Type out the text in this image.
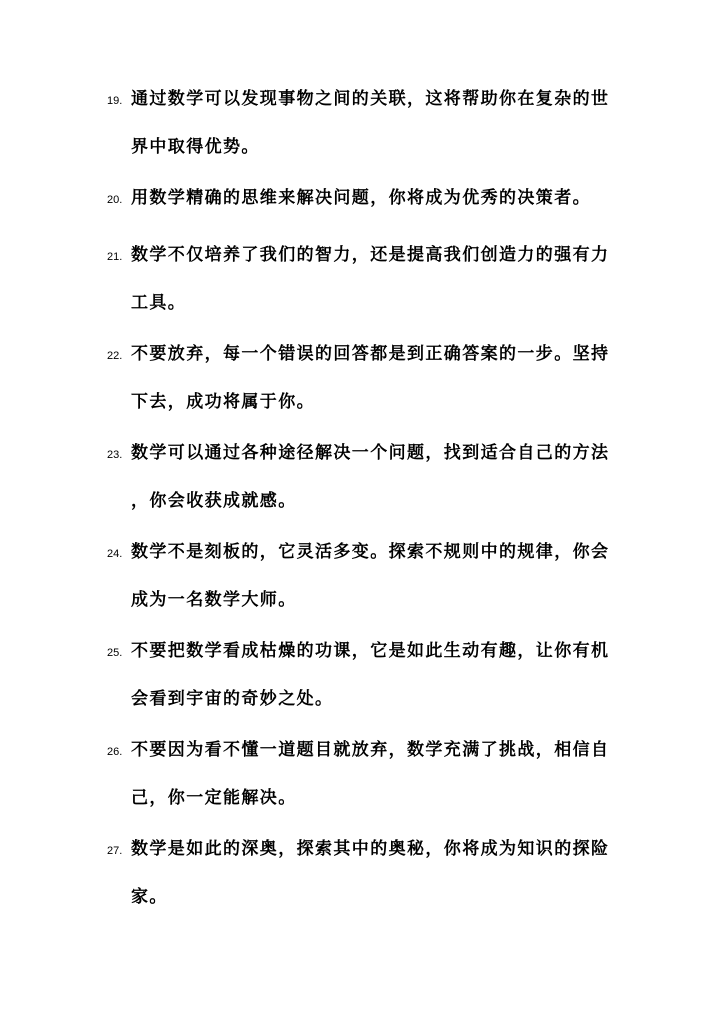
19. 通过数学可以发现事物之间的关联，这将帮助你在复杂的世
界中取得优势。
20. 用数学精确的思维来解决问题，你将成为优秀的决策者。
21. 数学不仅培养了我们的智力，还是提高我们创造力的强有力
工具。
22. 不要放弃，每一个错误的回答都是到正确答案的一步。坚持
下去，成功将属于你。
23. 数学可以通过各种途径解决一个问题，找到适合自己的方法
，你会收获成就感。
24. 数学不是刻板的，它灵活多变。探索不规则中的规律，你会
成为一名数学大师。
25. 不要把数学看成枯燥的功课，它是如此生动有趣，让你有机
会看到宇宙的奇妙之处。
26. 不要因为看不懂一道题目就放弃，数学充满了挑战，相信自
己，你一定能解决。
27. 数学是如此的深奥，探索其中的奥秘，你将成为知识的探险
家。
